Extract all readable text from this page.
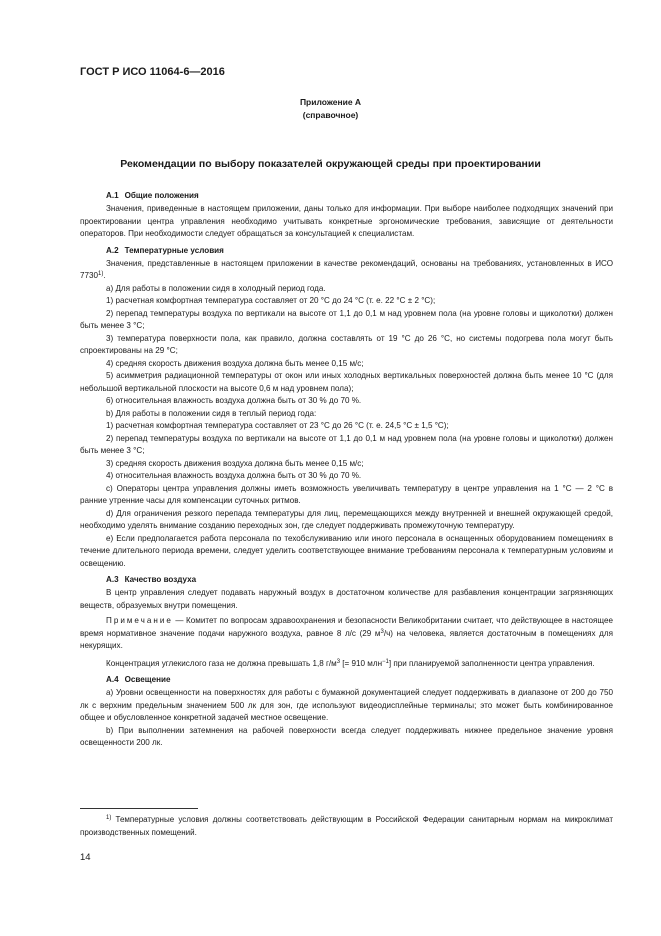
ГОСТ Р ИСО 11064-6—2016
Приложение А
(справочное)
Рекомендации по выбору показателей окружающей среды при проектировании
А.1 Общие положения

Значения, приведенные в настоящем приложении, даны только для информации. При выборе наиболее подходящих значений при проектировании центра управления необходимо учитывать конкретные эргономические требования, зависящие от деятельности операторов. При необходимости следует обращаться за консультацией к специалистам.

А.2 Температурные условия

Значения, представленные в настоящем приложении в качестве рекомендаций, основаны на требованиях, установленных в ИСО 7730$^{1)}$.

а) Для работы в положении сидя в холодный период года.

1) расчетная комфортная температура составляет от 20 °С до 24 °С (т. е. 22 °С ± 2 °С);

2) перепад температуры воздуха по вертикали на высоте от 1,1 до 0,1 м над уровнем пола (на уровне головы и щиколотки) должен быть менее 3 °С;

3) температура поверхности пола, как правило, должна составлять от 19 °С до 26 °С, но системы подогрева пола могут быть спроектированы на 29 °С;

4) средняя скорость движения воздуха должна быть менее 0,15 м/с;

5) асимметрия радиационной температуры от окон или иных холодных вертикальных поверхностей должна быть менее 10 °С (для небольшой вертикальной плоскости на высоте 0,6 м над уровнем пола);

6) относительная влажность воздуха должна быть от 30 % до 70 %.

b) Для работы в положении сидя в теплый период года:

1) расчетная комфортная температура составляет от 23 °С до 26 °С (т. е. 24,5 °С ± 1,5 °С);

2) перепад температуры воздуха по вертикали на высоте от 1,1 до 0,1 м над уровнем пола (на уровне головы и щиколотки) должен быть менее 3 °С;

3) средняя скорость движения воздуха должна быть менее 0,15 м/с;

4) относительная влажность воздуха должна быть от 30 % до 70 %.

c) Операторы центра управления должны иметь возможность увеличивать температуру в центре управления на 1 °С — 2 °С в ранние утренние часы для компенсации суточных ритмов.

d) Для ограничения резкого перепада температуры для лиц, перемещающихся между внутренней и внешней окружающей средой, необходимо уделять внимание созданию переходных зон, где следует поддерживать промежуточную температуру.

e) Если предполагается работа персонала по техобслуживанию или иного персонала в оснащенных оборудованием помещениях в течение длительного периода времени, следует уделить соответствующее внимание требованиям персонала к температурным условиям и освещению.

А.3 Качество воздуха

В центр управления следует подавать наружный воздух в достаточном количестве для разбавления концентрации загрязняющих веществ, образуемых внутри помещения.

Примечание — Комитет по вопросам здравоохранения и безопасности Великобритании считает, что действующее в настоящее время нормативное значение подачи наружного воздуха, равное 8 л/с (29 $м^3/ч$) на человека, является достаточным в помещениях для некурящих.

Концентрация углекислого газа не должна превышать 1,8 $г/м^3$ [= 910 млн$^{-1}$] при планируемой заполненности центра управления.

А.4 Освещение

а) Уровни освещенности на поверхностях для работы с бумажной документацией следует поддерживать в диапазоне от 200 до 750 лк с верхним предельным значением 500 лк для зон, где используют видеодисплейные терминалы; это может быть комбинированное общее и обусловленное конкретной задачей местное освещение.

b) При выполнении затемнения на рабочей поверхности всегда следует поддерживать нижнее предельное значение уровня освещенности 200 лк.

$^{1)}$ Температурные условия должны соответствовать действующим в Российской Федерации санитарным нормам на микроклимат производственных помещений.
14
